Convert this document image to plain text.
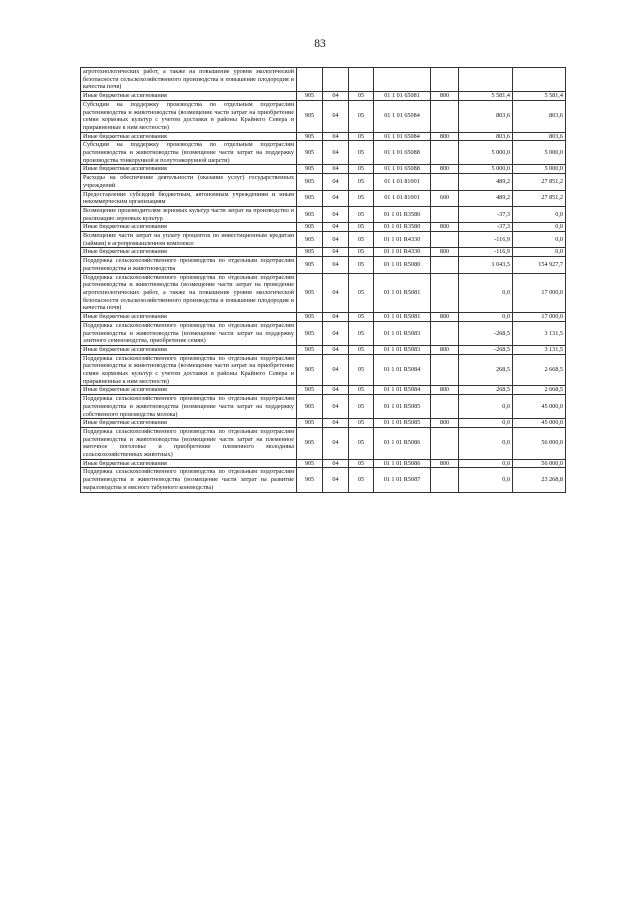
83
агротехнологических работ, а также на повышение уровня экологической безопасности сельскохозяйственного производства и повышение плодородия и качества почв)							
Иные бюджетные ассигнования	905	04	05	01 1 01 65081	800	5 581,4	5 581,4
Субсидии на поддержку производства по отдельным подотраслям растениеводства и животноводства (возмещение части затрат на приобретение семян кормовых культур с учетом доставки в районы Крайнего Севера и приравненные к ним местности)	905	04	05	01 1 01 65084		803,6	803,6
Иные бюджетные ассигнования	905	04	05	01 1 01 65084	800	803,6	803,6
Субсидии на поддержку производства по отдельным подотраслям растениеводства и животноводства (возмещение части затрат на поддержку производства тонкорунной и полутонкорунной шерсти)	905	04	05	01 1 01 65088		5 000,0	5 000,0
Иные бюджетные ассигнования	905	04	05	01 1 01 65088	800	5 000,0	5 000,0
Расходы на обеспечение деятельности (оказание услуг) государственных учреждений	905	04	05	01 1 01 81001		489,2	27 851,2
Предоставление субсидий бюджетным, автономным учреждениям и иным некоммерческим организациям	905	04	05	01 1 01 81001	600	489,2	27 851,2
Возмещение производителям зерновых культур части затрат на производство и реализацию зерновых культур	905	04	05	01 1 01 R3580		-37,3	0,0
Иные бюджетные ассигнования	905	04	05	01 1 01 R3580	800	-37,3	0,0
Возмещение части затрат на уплату процентов по инвестиционным кредитам (займам) в агропромышленном комплексе	905	04	05	01 1 01 R4330		-116,9	0,0
Иные бюджетные ассигнования	905	04	05	01 1 01 R4330	800	-116,9	0,0
Поддержка сельскохозяйственного производства по отдельным подотраслям растениеводства и животноводства	905	04	05	01 1 01 R5080		1 043,5	154 927,7
Поддержка сельскохозяйственного производства по отдельным подотраслям растениеводства и животноводства (возмещение части затрат на проведение агротехнологических работ, а также на повышение уровня экологической безопасности сельскохозяйственного производства и повышение плодородия и качества почв)	905	04	05	01 1 01 R5081		0,0	17 000,0
Иные бюджетные ассигнования	905	04	05	01 1 01 R5081	800	0,0	17 000,0
Поддержка сельскохозяйственного производства по отдельным подотраслям растениеводства и животноводства (возмещение части затрат на поддержку элитного семеноводства, приобретение семян)	905	04	05	01 1 01 R5083		-268,5	3 131,5
Иные бюджетные ассигнования	905	04	05	01 1 01 R5083	800	-268,5	3 131,5
Поддержка сельскохозяйственного производства по отдельным подотраслям растениеводства и животноводства (возмещение части затрат на приобретение семян кормовых культур с учетом доставки в районы Крайнего Севера и приравненные к ним местности)	905	04	05	01 1 01 R5084		268,5	2 668,5
Иные бюджетные ассигнования	905	04	05	01 1 01 R5084	800	268,5	2 668,5
Поддержка сельскохозяйственного производства по отдельным подотраслям растениеводства и животноводства (возмещение части затрат на поддержку собственного производства молока)	905	04	05	01 1 01 R5085		0,0	45 000,0
Иные бюджетные ассигнования	905	04	05	01 1 01 R5085	800	0,0	45 000,0
Поддержка сельскохозяйственного производства по отдельным подотраслям растениеводства и животноводства (возмещение части затрат на племенное маточное поголовье и приобретение племенного молодняка сельскохозяйственных животных)	905	04	05	01 1 01 R5086		0,0	56 000,0
Иные бюджетные ассигнования	905	04	05	01 1 01 R5086	800	0,0	56 000,0
Поддержка сельскохозяйственного производства по отдельным подотраслям растениеводства и животноводства (возмещение части затрат на развитие мараловодства и мясного табунного коневодства)	905	04	05	01 1 01 R5087		0,0	23 268,8
